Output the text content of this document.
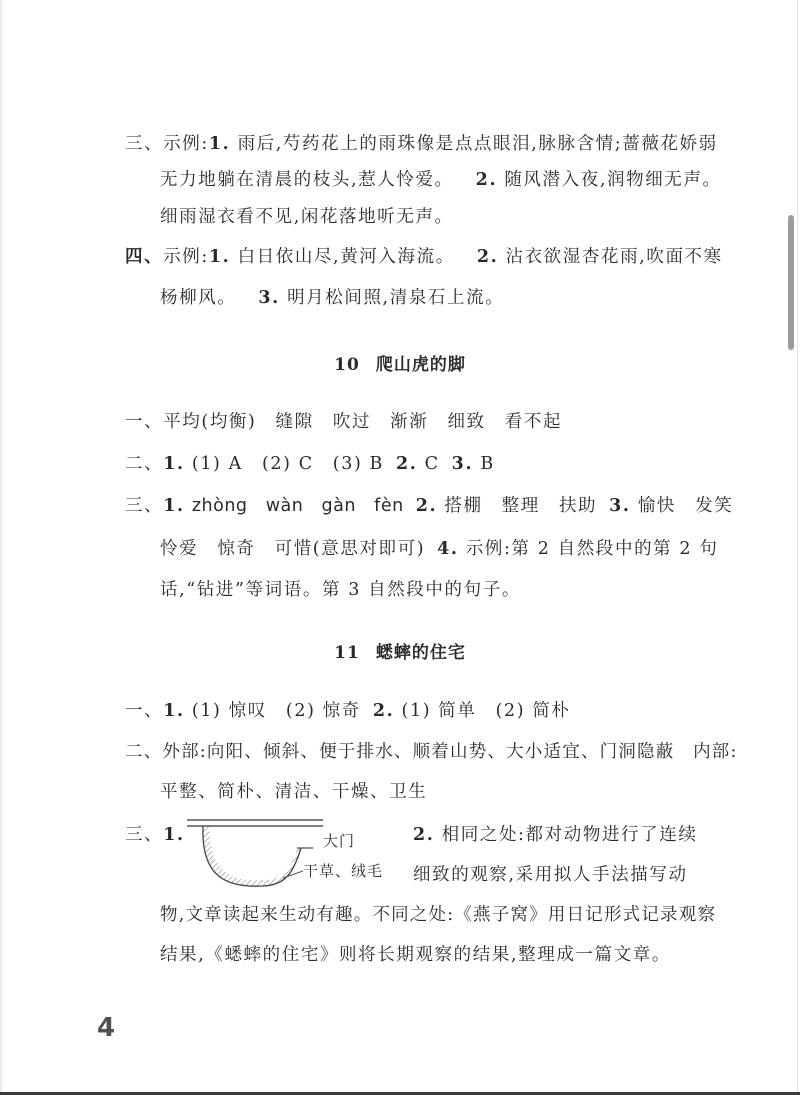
三、示例:1. 雨后,芍药花上的雨珠像是点点眼泪,脉脉含情;蔷薇花娇弱
无力地躺在清晨的枝头,惹人怜爱。 2. 随风潜入夜,润物细无声。
细雨湿衣看不见,闲花落地听无声。
四、示例:1. 白日依山尽,黄河入海流。 2. 沾衣欲湿杏花雨,吹面不寒
杨柳风。 3. 明月松间照,清泉石上流。
10 爬山虎的脚
一、平均(均衡)　缝隙　吹过　渐渐　细致　看不起
二、1. (1) A　(2) C　(3) B 2. C 3. B
三、1. zhòng   wàn   gàn   fèn 2. 搭棚　整理　扶助 3. 愉快　发笑
怜爱　惊奇　可惜(意思对即可) 4. 示例:第 2 自然段中的第 2 句
话,“钻进”等词语。第 3 自然段中的句子。
11 蟋蟀的住宅
一、1. (1) 惊叹　(2) 惊奇 2. (1) 简单　(2) 简朴
二、外部:向阳、倾斜、便于排水、顺着山势、大小适宜、门洞隐蔽　内部:
平整、简朴、清洁、干燥、卫生
三、1.	大门
干草、绒毛
2. 相同之处:都对动物进行了连续
细致的观察,采用拟人手法描写动
物,文章读起来生动有趣。不同之处:《燕子窝》用日记形式记录观察
结果,《蟋蟀的住宅》则将长期观察的结果,整理成一篇文章。
4
